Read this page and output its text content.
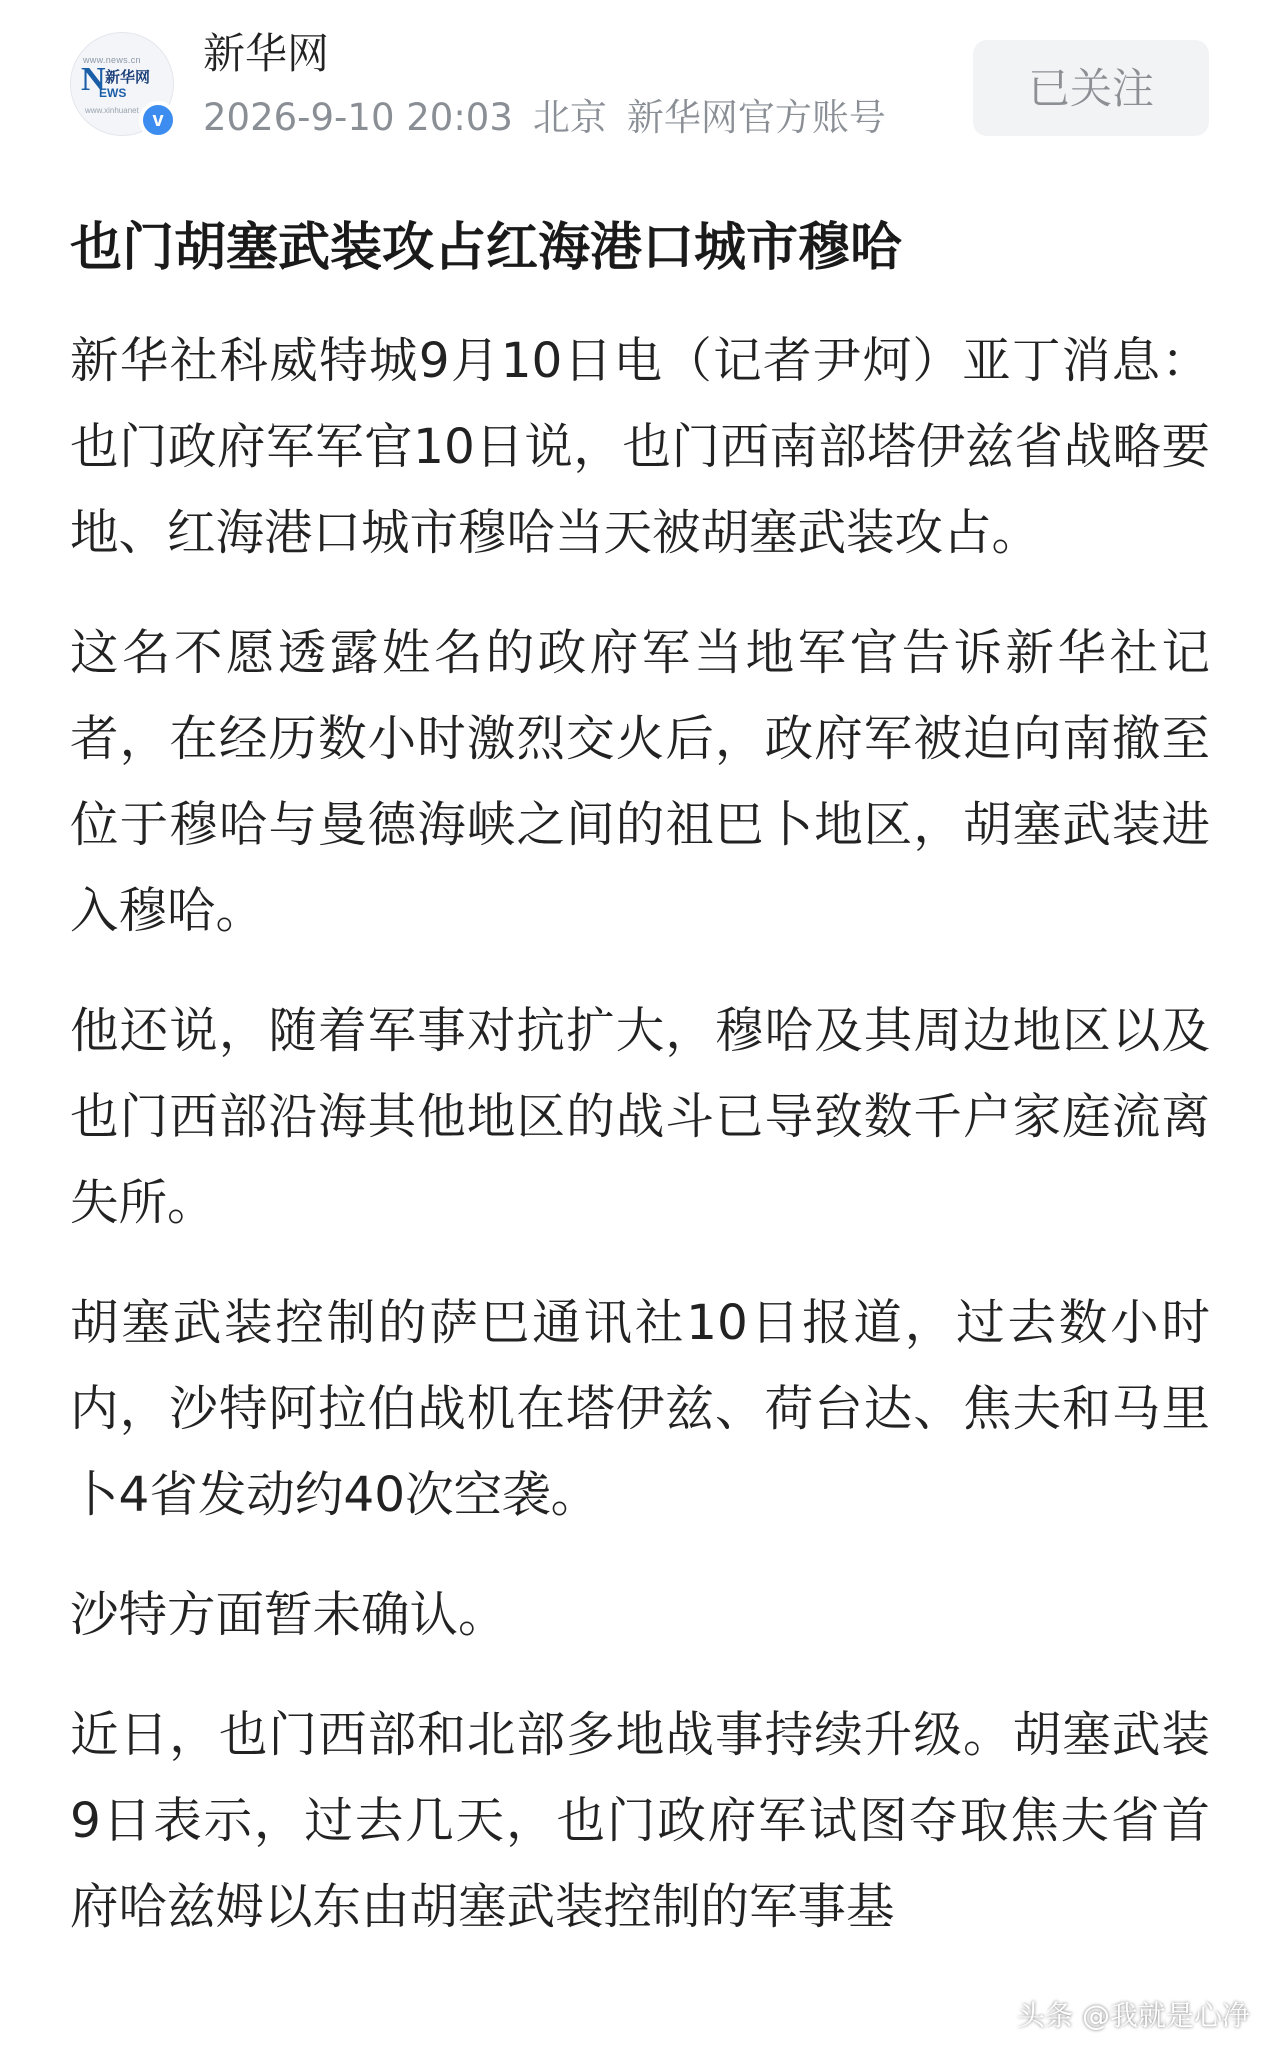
www.news.cn
N 新华网
EWS
www.xinhuanet v
新华网
2026-9-10 20:03 北京 新华网官方账号
已关注
也门胡塞武装攻占红海港口城市穆哈

新华社科威特城9月10日电（记者尹炣）亚丁消息：也门政府军军官10日说，也门西南部塔伊兹省战略要地、红海港口城市穆哈当天被胡塞武装攻占。

这名不愿透露姓名的政府军当地军官告诉新华社记者，在经历数小时激烈交火后，政府军被迫向南撤至位于穆哈与曼德海峡之间的祖巴卜地区，胡塞武装进入穆哈。

他还说，随着军事对抗扩大，穆哈及其周边地区以及也门西部沿海其他地区的战斗已导致数千户家庭流离失所。

胡塞武装控制的萨巴通讯社10日报道，过去数小时内，沙特阿拉伯战机在塔伊兹、荷台达、焦夫和马里卜4省发动约40次空袭。

沙特方面暂未确认。

近日，也门西部和北部多地战事持续升级。胡塞武装9日表示，过去几天，也门政府军试图夺取焦夫省首府哈兹姆以东由胡塞武装控制的军事基

头条 @我就是心净
